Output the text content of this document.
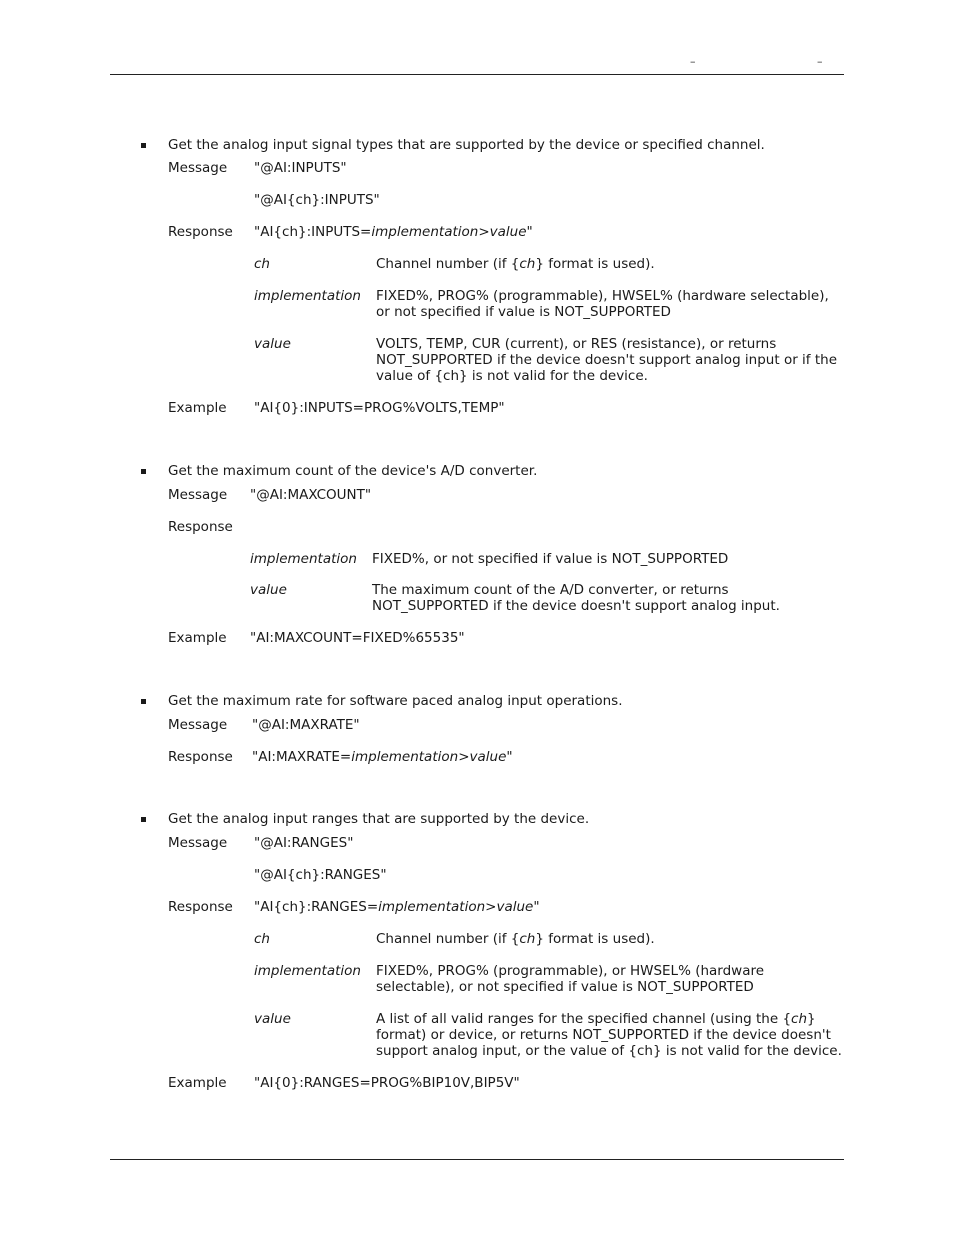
–	–
Get the analog input signal types that are supported by the device or specified channel.
Message "@AI:INPUTS"
"@AI{ch}:INPUTS"
Response "AI{ch}:INPUTS=implementation>value"
ch	Channel number (if {ch} format is used).
implementation FIXED%, PROG% (programmable), HWSEL% (hardware selectable),
or not specified if value is NOT_SUPPORTED
value	VOLTS, TEMP, CUR (current), or RES (resistance), or returns
NOT_SUPPORTED if the device doesn't support analog input or if the
value of {ch} is not valid for the device.
Example "AI{0}:INPUTS=PROG%VOLTS,TEMP"
Get the maximum count of the device's A/D converter.
Message "@AI:MAXCOUNT"
Response
implementation FIXED%, or not specified if value is NOT_SUPPORTED
value	The maximum count of the A/D converter, or returns
NOT_SUPPORTED if the device doesn't support analog input.
Example "AI:MAXCOUNT=FIXED%65535"
Get the maximum rate for software paced analog input operations.
Message "@AI:MAXRATE"
Response "AI:MAXRATE=implementation>value"
Get the analog input ranges that are supported by the device.
Message "@AI:RANGES"
"@AI{ch}:RANGES"
Response "AI{ch}:RANGES=implementation>value"
ch	Channel number (if {ch} format is used).
implementation FIXED%, PROG% (programmable), or HWSEL% (hardware
selectable), or not specified if value is NOT_SUPPORTED
value	A list of all valid ranges for the specified channel (using the {ch}
format) or device, or returns NOT_SUPPORTED if the device doesn't
support analog input, or the value of {ch} is not valid for the device.
Example "AI{0}:RANGES=PROG%BIP10V,BIP5V"
